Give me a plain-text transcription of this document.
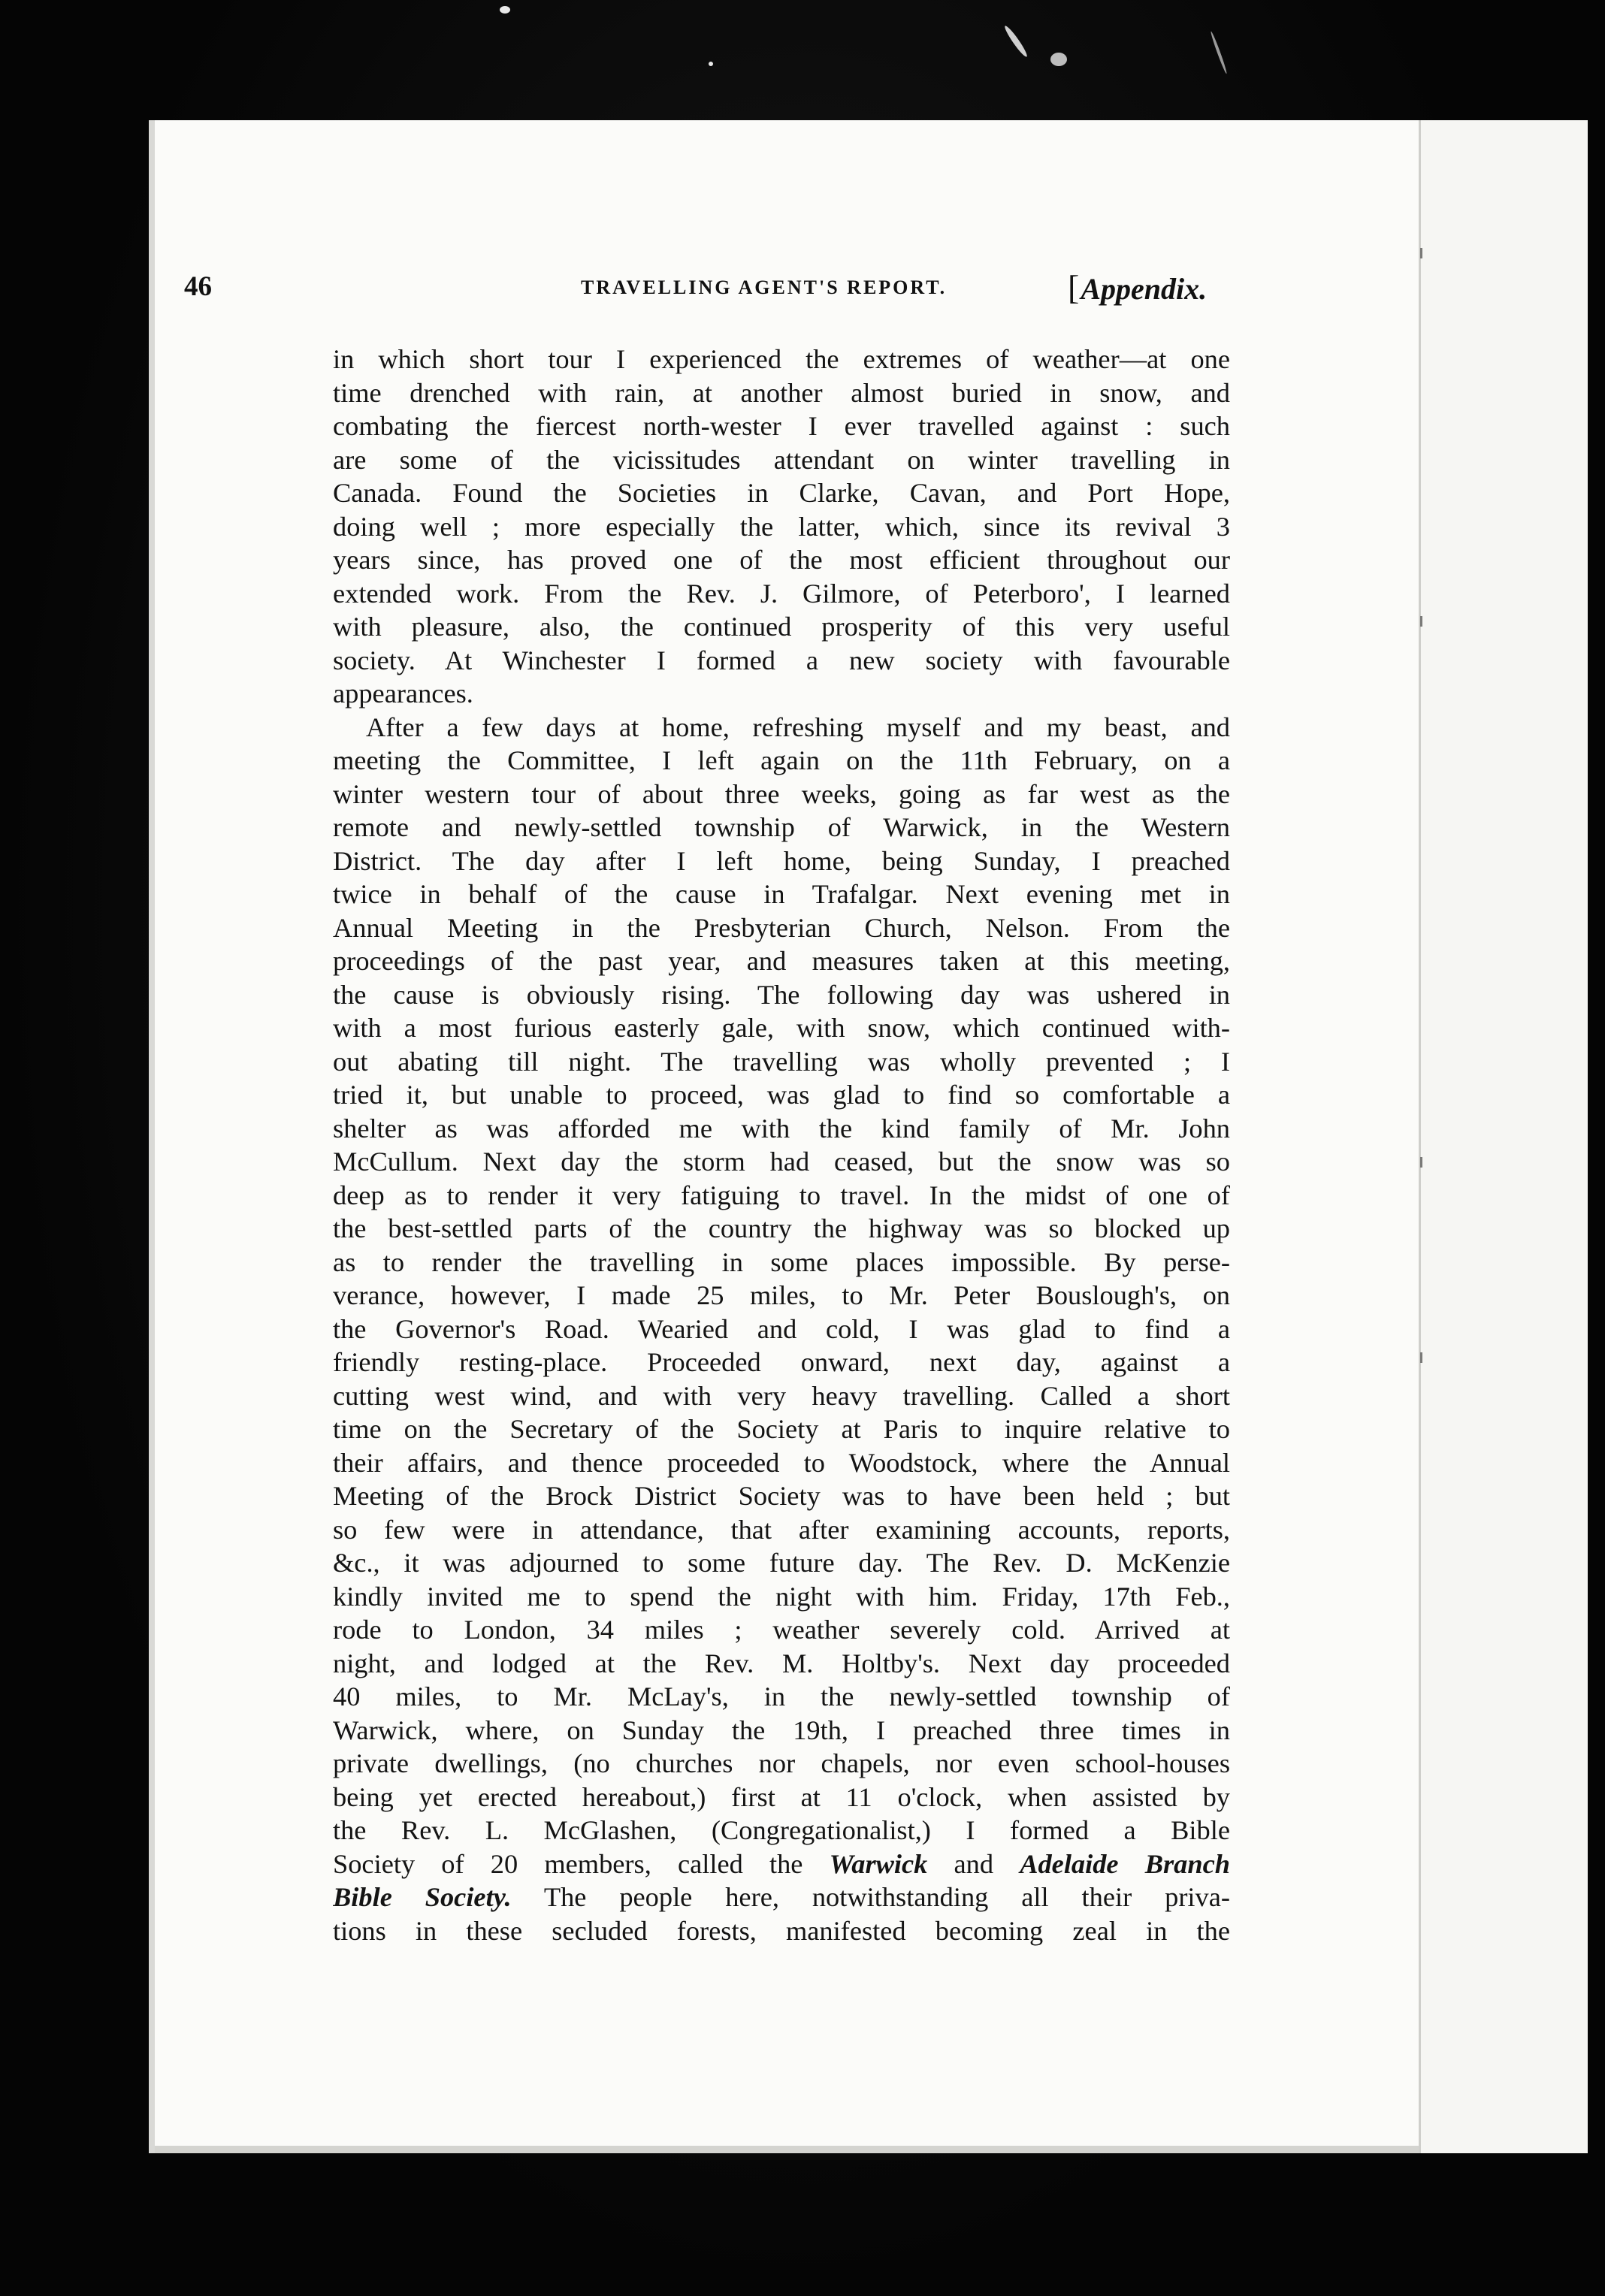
46	TRAVELLING AGENT'S REPORT.	[Appendix.
in which short tour I experienced the extremes of weather—at one
time drenched with rain, at another almost buried in snow, and
combating the fiercest north-wester I ever travelled against : such
are some of the vicissitudes attendant on winter travelling in
Canada. Found the Societies in Clarke, Cavan, and Port Hope,
doing well ; more especially the latter, which, since its revival 3
years since, has proved one of the most efficient throughout our
extended work. From the Rev. J. Gilmore, of Peterboro', I learned
with pleasure, also, the continued prosperity of this very useful
society. At Winchester I formed a new society with favourable
appearances.
After a few days at home, refreshing myself and my beast, and
meeting the Committee, I left again on the 11th February, on a
winter western tour of about three weeks, going as far west as the
remote and newly-settled township of Warwick, in the Western
District. The day after I left home, being Sunday, I preached
twice in behalf of the cause in Trafalgar. Next evening met in
Annual Meeting in the Presbyterian Church, Nelson. From the
proceedings of the past year, and measures taken at this meeting,
the cause is obviously rising. The following day was ushered in
with a most furious easterly gale, with snow, which continued with-
out abating till night. The travelling was wholly prevented ; I
tried it, but unable to proceed, was glad to find so comfortable a
shelter as was afforded me with the kind family of Mr. John
McCullum. Next day the storm had ceased, but the snow was so
deep as to render it very fatiguing to travel. In the midst of one of
the best-settled parts of the country the highway was so blocked up
as to render the travelling in some places impossible. By perse-
verance, however, I made 25 miles, to Mr. Peter Bouslough's, on
the Governor's Road. Wearied and cold, I was glad to find a
friendly resting-place. Proceeded onward, next day, against a
cutting west wind, and with very heavy travelling. Called a short
time on the Secretary of the Society at Paris to inquire relative to
their affairs, and thence proceeded to Woodstock, where the Annual
Meeting of the Brock District Society was to have been held ; but
so few were in attendance, that after examining accounts, reports,
&c., it was adjourned to some future day. The Rev. D. McKenzie
kindly invited me to spend the night with him. Friday, 17th Feb.,
rode to London, 34 miles ; weather severely cold. Arrived at
night, and lodged at the Rev. M. Holtby's. Next day proceeded
40 miles, to Mr. McLay's, in the newly-settled township of
Warwick, where, on Sunday the 19th, I preached three times in
private dwellings, (no churches nor chapels, nor even school-houses
being yet erected hereabout,) first at 11 o'clock, when assisted by
the Rev. L. McGlashen, (Congregationalist,) I formed a Bible
Society of 20 members, called the Warwick and Adelaide Branch
Bible Society. The people here, notwithstanding all their priva-
tions in these secluded forests, manifested becoming zeal in the
